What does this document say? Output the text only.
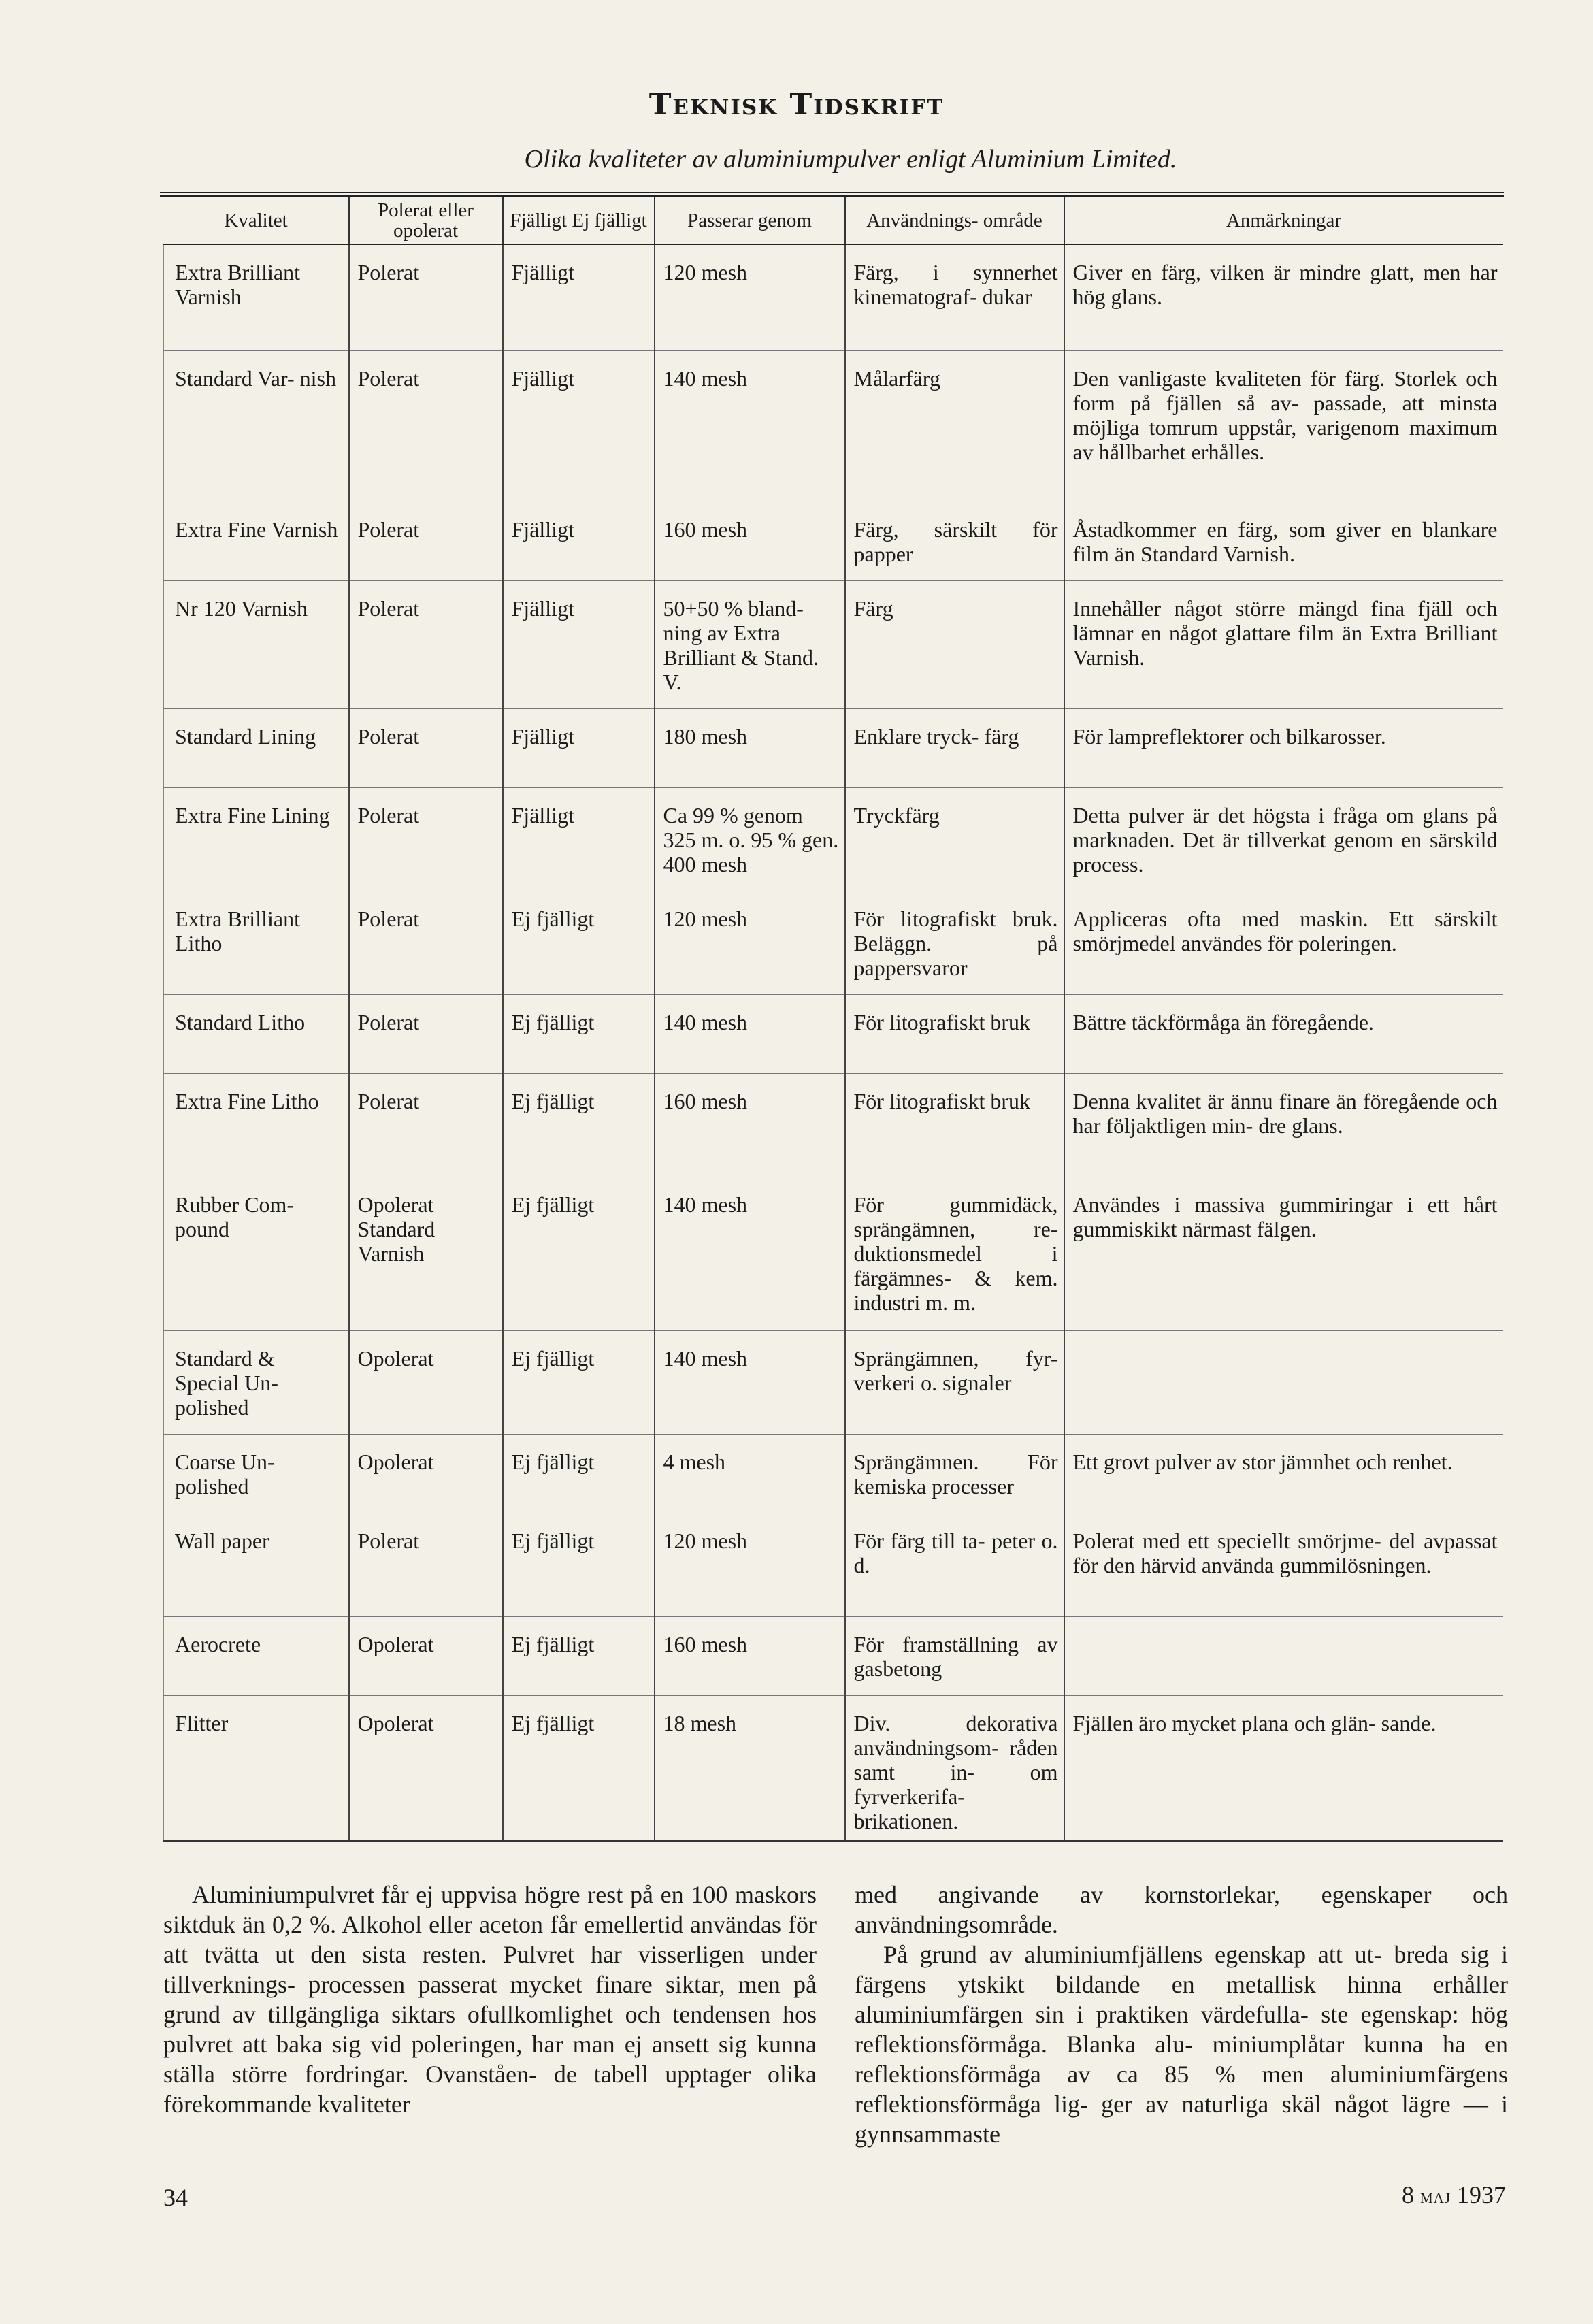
Teknisk Tidskrift
Olika kvaliteter av aluminiumpulver enligt Aluminium Limited.
Kvalitet	Polerat eller opolerat	Fjälligt Ej fjälligt	Passerar genom	Användnings- område	Anmärkningar
Extra Brilliant Varnish	Polerat	Fjälligt	120 mesh	Färg, i synnerhet kinematograf- dukar	Giver en färg, vilken är mindre glatt, men har hög glans.
Standard Var- nish	Polerat	Fjälligt	140 mesh	Målarfärg	Den vanligaste kvaliteten för färg. Storlek och form på fjällen så av- passade, att minsta möjliga tomrum uppstår, varigenom maximum av hållbarhet erhålles.
Extra Fine Varnish	Polerat	Fjälligt	160 mesh	Färg, särskilt för papper	Åstadkommer en färg, som giver en blankare film än Standard Varnish.
Nr 120 Varnish	Polerat	Fjälligt	50+50 % bland- ning av Extra Brilliant & Stand. V.	Färg	Innehåller något större mängd fina fjäll och lämnar en något glattare film än Extra Brilliant Varnish.
Standard Lining	Polerat	Fjälligt	180 mesh	Enklare tryck- färg	För lampreflektorer och bilkarosser.
Extra Fine Lining	Polerat	Fjälligt	Ca 99 % genom 325 m. o. 95 % gen. 400 mesh	Tryckfärg	Detta pulver är det högsta i fråga om glans på marknaden. Det är tillverkat genom en särskild process.
Extra Brilliant Litho	Polerat	Ej fjälligt	120 mesh	För litografiskt bruk. Beläggn. på pappersvaror	Appliceras ofta med maskin. Ett särskilt smörjmedel användes för poleringen.
Standard Litho	Polerat	Ej fjälligt	140 mesh	För litografiskt bruk	Bättre täckförmåga än föregående.
Extra Fine Litho	Polerat	Ej fjälligt	160 mesh	För litografiskt bruk	Denna kvalitet är ännu finare än föregående och har följaktligen min- dre glans.
Rubber Com- pound	Opolerat Standard Varnish	Ej fjälligt	140 mesh	För gummidäck, sprängämnen, re- duktionsmedel i färgämnes- & kem. industri m. m.	Användes i massiva gummiringar i ett hårt gummiskikt närmast fälgen.
Standard & Special Un- polished	Opolerat	Ej fjälligt	140 mesh	Sprängämnen, fyr- verkeri o. signaler	
Coarse Un- polished	Opolerat	Ej fjälligt	4 mesh	Sprängämnen. För kemiska processer	Ett grovt pulver av stor jämnhet och renhet.
Wall paper	Polerat	Ej fjälligt	120 mesh	För färg till ta- peter o. d.	Polerat med ett speciellt smörjme- del avpassat för den härvid använda gummilösningen.
Aerocrete	Opolerat	Ej fjälligt	160 mesh	För framställning av gasbetong	
Flitter	Opolerat	Ej fjälligt	18 mesh	Div. dekorativa användningsom- råden samt in- om fyrverkerifa- brikationen.	Fjällen äro mycket plana och glän- sande.

Aluminiumpulvret får ej uppvisa högre rest på en 100 maskors siktduk än 0,2 %. Alkohol eller aceton får emellertid användas för att tvätta ut den sista resten. Pulvret har visserligen under tillverknings- processen passerat mycket finare siktar, men på grund av tillgängliga siktars ofullkomlighet och tendensen hos pulvret att baka sig vid poleringen, har man ej ansett sig kunna ställa större fordringar. Ovanståen- de tabell upptager olika förekommande kvaliteter

med angivande av kornstorlekar, egenskaper och användningsområde.

På grund av aluminiumfjällens egenskap att ut- breda sig i färgens ytskikt bildande en metallisk hinna erhåller aluminiumfärgen sin i praktiken värdefulla- ste egenskap: hög reflektionsförmåga. Blanka alu- miniumplåtar kunna ha en reflektionsförmåga av ca 85 % men aluminiumfärgens reflektionsförmåga lig- ger av naturliga skäl något lägre — i gynnsammaste

34	8 maj 1937
